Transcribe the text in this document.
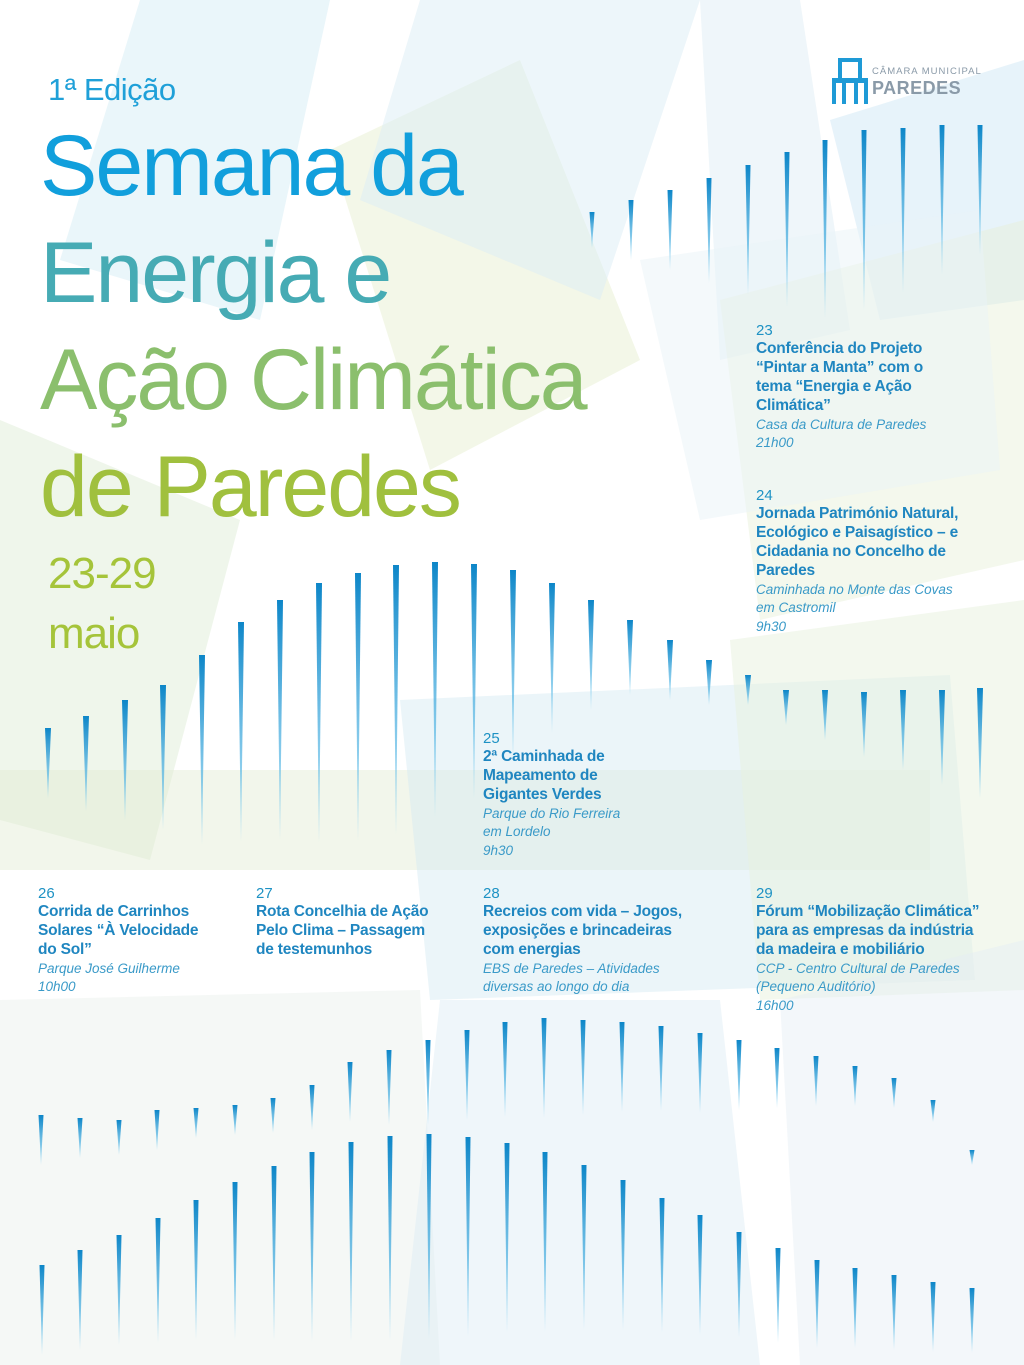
1ª Edição
Semana da
Energia e
Ação Climática
de Paredes
23-29
maio
CÂMARA MUNICIPAL
PAREDES
23
Conferência do Projeto
“Pintar a Manta” com o
tema “Energia e Ação
Climática”
Casa da Cultura de Paredes
21h00
24
Jornada Património Natural,
Ecológico e Paisagístico – e
Cidadania no Concelho de
Paredes
Caminhada no Monte das Covas
em Castromil
9h30
25
2ª Caminhada de
Mapeamento de
Gigantes Verdes
Parque do Rio Ferreira
em Lordelo
9h30
26
Corrida de Carrinhos
Solares “À Velocidade
do Sol”
Parque José Guilherme
10h00
27
Rota Concelhia de Ação
Pelo Clima – Passagem
de testemunhos
28
Recreios com vida – Jogos,
exposições e brincadeiras
com energias
EBS de Paredes – Atividades
diversas ao longo do dia
29
Fórum “Mobilização Climática”
para as empresas da indústria
da madeira e mobiliário
CCP - Centro Cultural de Paredes
(Pequeno Auditório)
16h00
